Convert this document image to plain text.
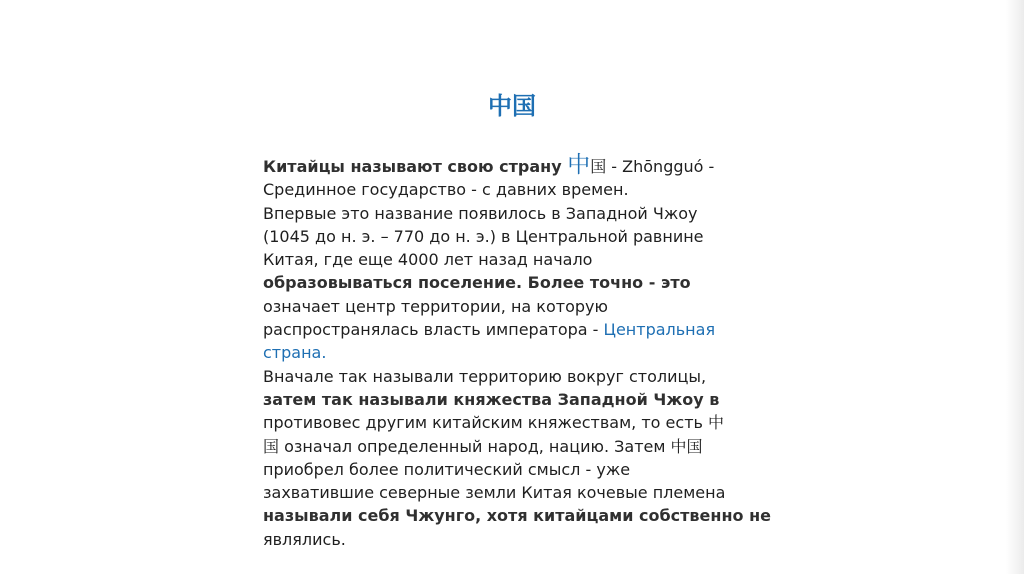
中国
Китайцы называют свою страну 中国 - Zhōngguó -
Срединное государство - с давних времен.
Впервые это название появилось в Западной Чжоу
(1045 до н. э. – 770 до н. э.) в Центральной равнине
Китая, где еще 4000 лет назад начало
образовываться поселение. Более точно - это
означает центр территории, на которую
распространялась власть императора - Центральная
страна.
Вначале так называли территорию вокруг столицы,
затем так называли княжества Западной Чжоу в
противовес другим китайским княжествам, то есть 中
国 означал определенный народ, нацию. Затем 中国
приобрел более политический смысл - уже
захватившие северные земли Китая кочевые племена
называли себя Чжунго, хотя китайцами собственно не
являлись.
